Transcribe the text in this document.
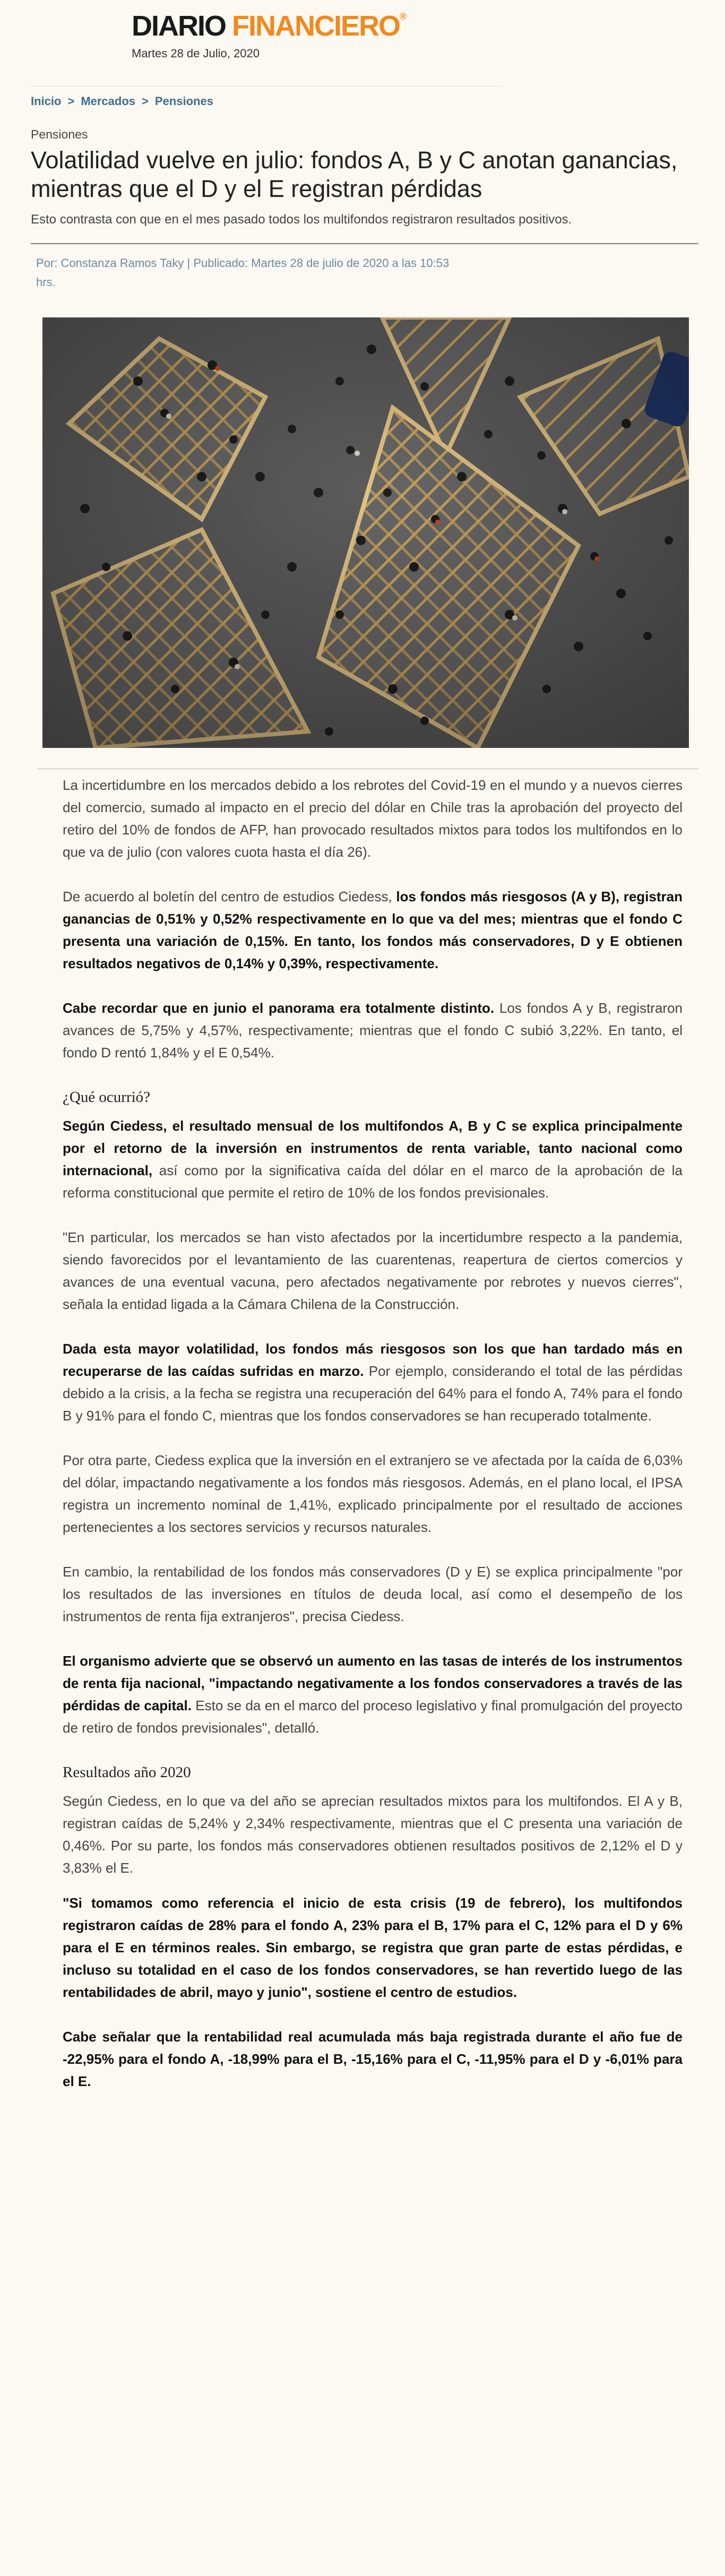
DIARIO FINANCIERO®
Martes 28 de Julio, 2020
Inicio > Mercados > Pensiones
Pensiones
Volatilidad vuelve en julio: fondos A, B y C anotan ganancias, mientras que el D y el E registran pérdidas
Esto contrasta con que en el mes pasado todos los multifondos registraron resultados positivos.
Por: Constanza Ramos Taky | Publicado: Martes 28 de julio de 2020 a las 10:53 hrs.

La incertidumbre en los mercados debido a los rebrotes del Covid-19 en el mundo y a nuevos cierres del comercio, sumado al impacto en el precio del dólar en Chile tras la aprobación del proyecto del retiro del 10% de fondos de AFP, han provocado resultados mixtos para todos los multifondos en lo que va de julio (con valores cuota hasta el día 26).

De acuerdo al boletín del centro de estudios Ciedess, los fondos más riesgosos (A y B), registran ganancias de 0,51% y 0,52% respectivamente en lo que va del mes; mientras que el fondo C presenta una variación de 0,15%. En tanto, los fondos más conservadores, D y E obtienen resultados negativos de 0,14% y 0,39%, respectivamente.

Cabe recordar que en junio el panorama era totalmente distinto. Los fondos A y B, registraron avances de 5,75% y 4,57%, respectivamente; mientras que el fondo C subió 3,22%. En tanto, el fondo D rentó 1,84% y el E 0,54%.

¿Qué ocurrió?

Según Ciedess, el resultado mensual de los multifondos A, B y C se explica principalmente por el retorno de la inversión en instrumentos de renta variable, tanto nacional como internacional, así como por la significativa caída del dólar en el marco de la aprobación de la reforma constitucional que permite el retiro de 10% de los fondos previsionales.

"En particular, los mercados se han visto afectados por la incertidumbre respecto a la pandemia, siendo favorecidos por el levantamiento de las cuarentenas, reapertura de ciertos comercios y avances de una eventual vacuna, pero afectados negativamente por rebrotes y nuevos cierres", señala la entidad ligada a la Cámara Chilena de la Construcción.

Dada esta mayor volatilidad, los fondos más riesgosos son los que han tardado más en recuperarse de las caídas sufridas en marzo. Por ejemplo, considerando el total de las pérdidas debido a la crisis, a la fecha se registra una recuperación del 64% para el fondo A, 74% para el fondo B y 91% para el fondo C, mientras que los fondos conservadores se han recuperado totalmente.

Por otra parte, Ciedess explica que la inversión en el extranjero se ve afectada por la caída de 6,03% del dólar, impactando negativamente a los fondos más riesgosos. Además, en el plano local, el IPSA registra un incremento nominal de 1,41%, explicado principalmente por el resultado de acciones pertenecientes a los sectores servicios y recursos naturales.

En cambio, la rentabilidad de los fondos más conservadores (D y E) se explica principalmente "por los resultados de las inversiones en títulos de deuda local, así como el desempeño de los instrumentos de renta fija extranjeros", precisa Ciedess.

El organismo advierte que se observó un aumento en las tasas de interés de los instrumentos de renta fija nacional, "impactando negativamente a los fondos conservadores a través de las pérdidas de capital. Esto se da en el marco del proceso legislativo y final promulgación del proyecto de retiro de fondos previsionales", detalló.

Resultados año 2020

Según Ciedess, en lo que va del año se aprecian resultados mixtos para los multifondos. El A y B, registran caídas de 5,24% y 2,34% respectivamente, mientras que el C presenta una variación de 0,46%. Por su parte, los fondos más conservadores obtienen resultados positivos de 2,12% el D y 3,83% el E.

"Si tomamos como referencia el inicio de esta crisis (19 de febrero), los multifondos registraron caídas de 28% para el fondo A, 23% para el B, 17% para el C, 12% para el D y 6% para el E en términos reales. Sin embargo, se registra que gran parte de estas pérdidas, e incluso su totalidad en el caso de los fondos conservadores, se han revertido luego de las rentabilidades de abril, mayo y junio", sostiene el centro de estudios.

Cabe señalar que la rentabilidad real acumulada más baja registrada durante el año fue de -22,95% para el fondo A, -18,99% para el B, -15,16% para el C, -11,95% para el D y -6,01% para el E.
